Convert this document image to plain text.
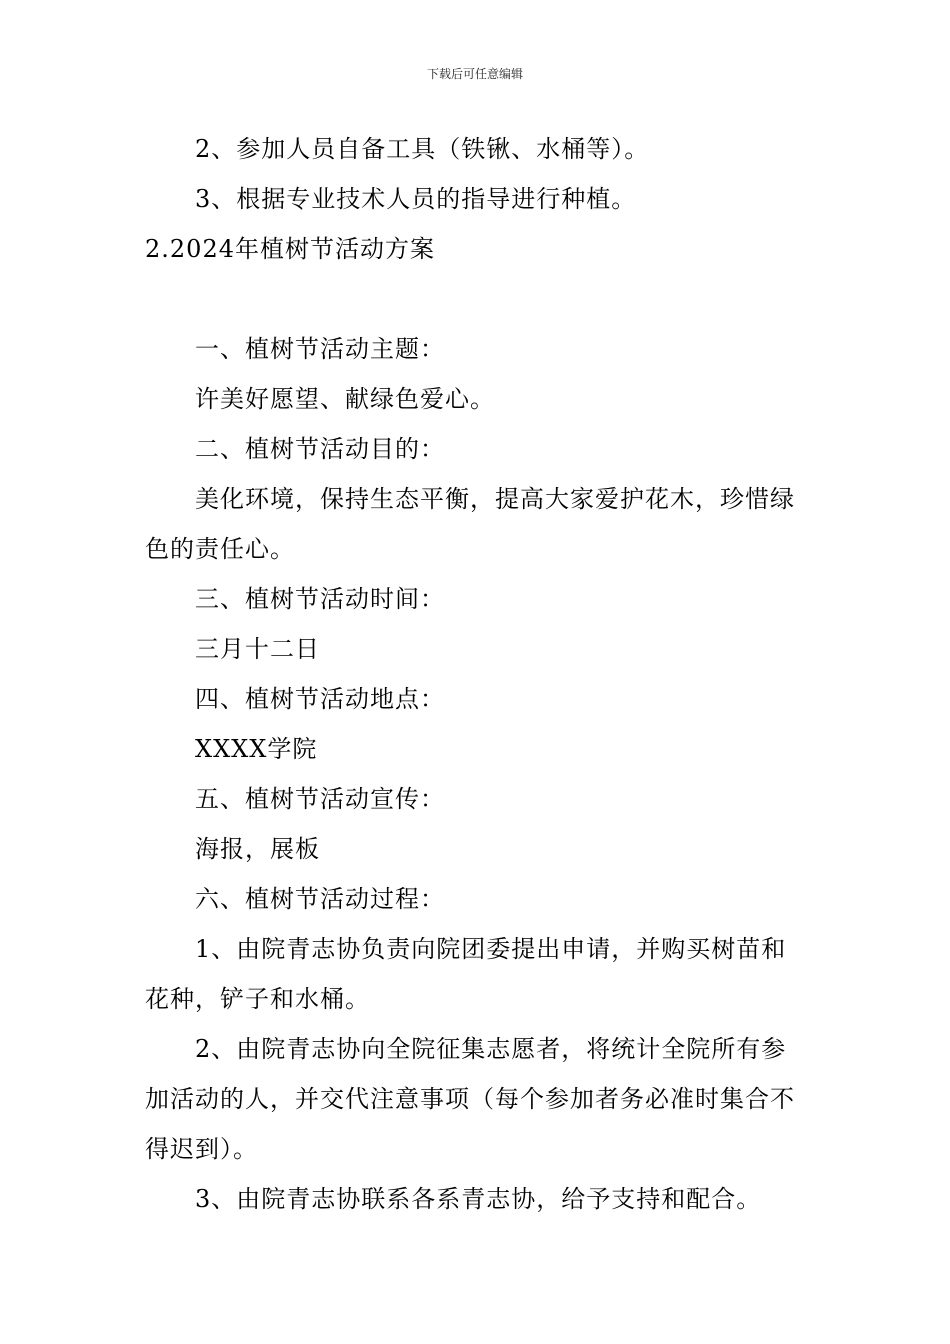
下载后可任意编辑

2、参加人员自备工具（铁锹、水桶等）。

3、根据专业技术人员的指导进行种植。

2.2024年植树节活动方案

一、植树节活动主题：

许美好愿望、献绿色爱心。

二、植树节活动目的：

美化环境，保持生态平衡，提高大家爱护花木，珍惜绿色的责任心。

三、植树节活动时间：

三月十二日

四、植树节活动地点：

XXXX学院

五、植树节活动宣传：

海报，展板

六、植树节活动过程：

1、由院青志协负责向院团委提出申请，并购买树苗和花种，铲子和水桶。

2、由院青志协向全院征集志愿者，将统计全院所有参加活动的人，并交代注意事项（每个参加者务必准时集合不得迟到）。

3、由院青志协联系各系青志协，给予支持和配合。
